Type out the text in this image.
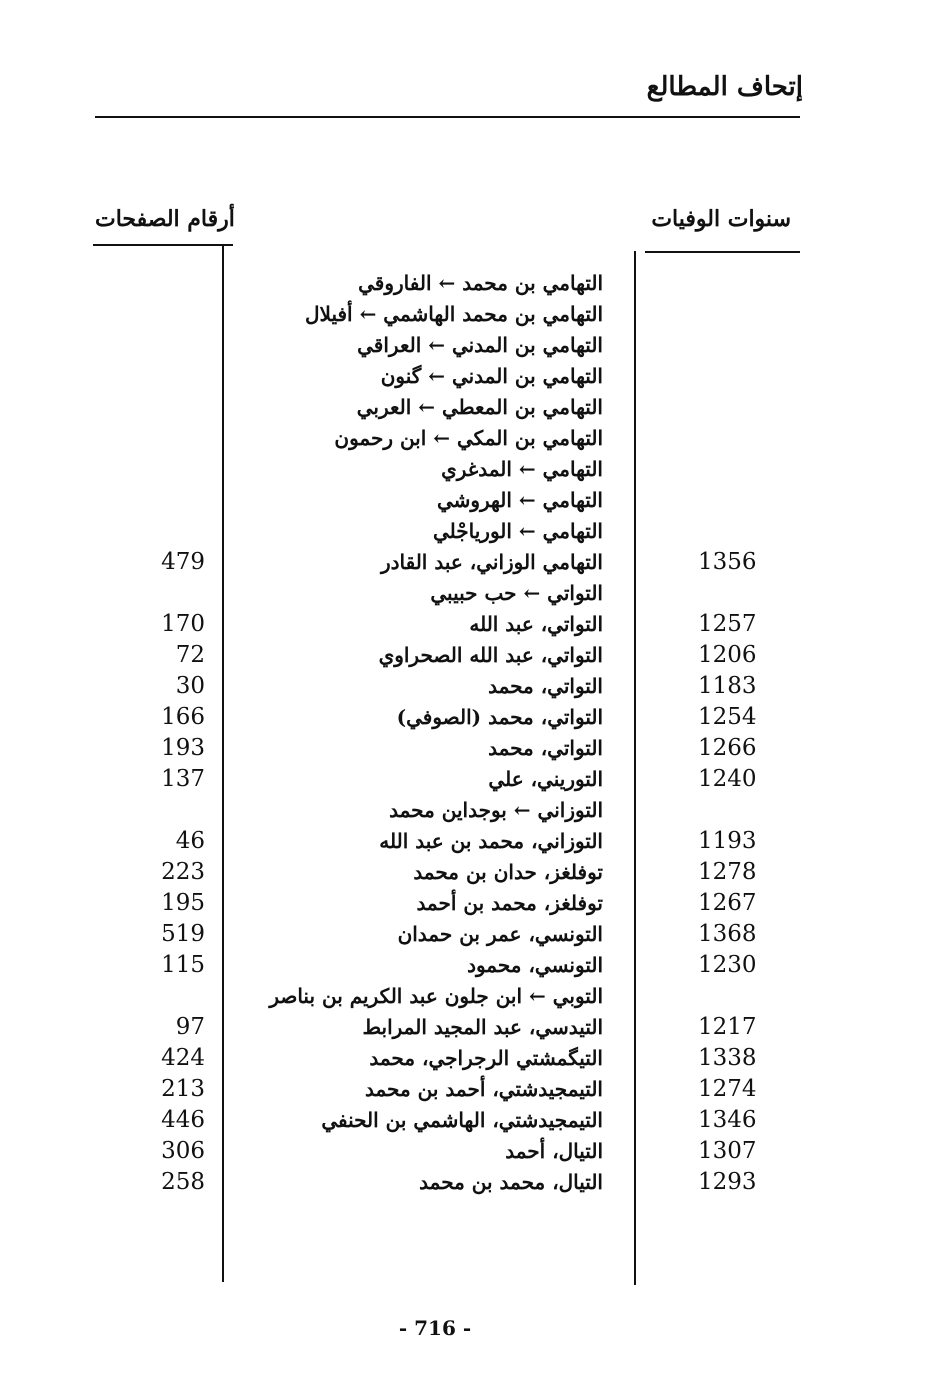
إتحاف المطالع
سنوات الوفيات
أرقام الصفحات
التهامي بن محمد ← الفاروقي
التهامي بن محمد الهاشمي ← أفيلال
التهامي بن المدني ← العراقي
التهامي بن المدني ← گنون
التهامي بن المعطي ← العربي
التهامي بن المكي ← ابن رحمون
التهامي ← المدغري
التهامي ← الهروشي
التهامي ← الورياجْلي
479	التهامي الوزاني، عبد القادر	1356
التواتي ← حب حبيبي
170	التواتي، عبد الله	1257
72	التواتي، عبد الله الصحراوي	1206
30	التواتي، محمد	1183
166	التواتي، محمد (الصوفي)	1254
193	التواتي، محمد	1266
137	التوريني، علي	1240
التوزاني ← بوجداين محمد
46	التوزاني، محمد بن عبد الله	1193
223	توفلغز، حدان بن محمد	1278
195	توفلغز، محمد بن أحمد	1267
519	التونسي، عمر بن حمدان	1368
115	التونسي، محمود	1230
التوبي ← ابن جلون عبد الكريم بن بناصر
97	التيدسي، عبد المجيد المرابط	1217
424	التيگمشتي الرجراجي، محمد	1338
213	التيمجيدشتي، أحمد بن محمد	1274
446	التيمجيدشتي، الهاشمي بن الحنفي	1346
306	التيال، أحمد	1307
258	التيال، محمد بن محمد	1293
- 716 -
